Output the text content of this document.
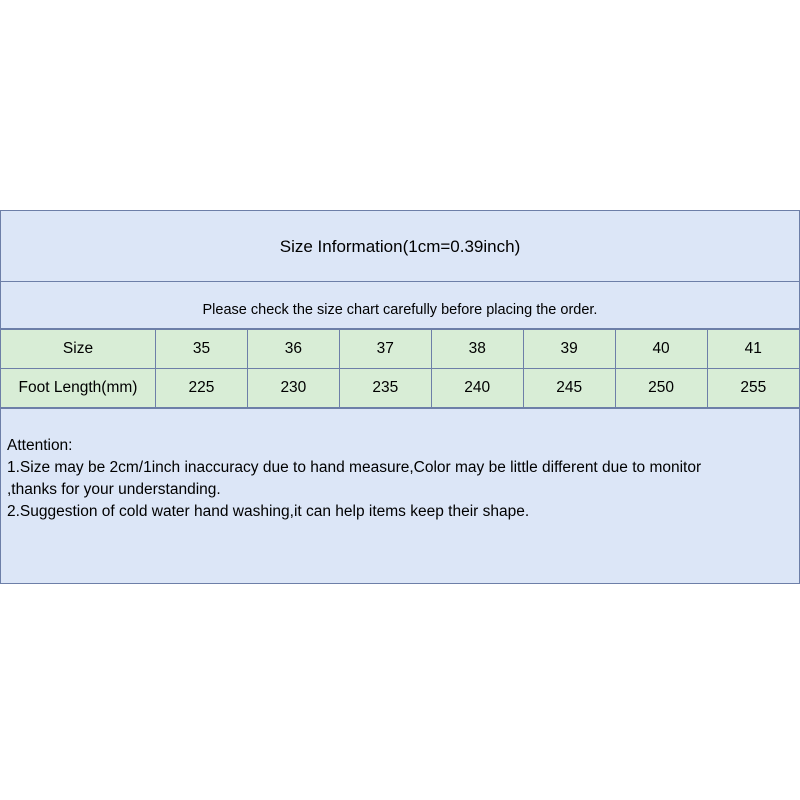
Size Information(1cm=0.39inch)
Please check the size chart carefully before placing the order.
Size	35	36	37	38	39	40	41
Foot Length(mm)	225	230	235	240	245	250	255

Attention:

1.Size may be 2cm/1inch inaccuracy due to hand measure,Color may be little different due to monitor

,thanks for your understanding.

2.Suggestion of cold water hand washing,it can help items keep their shape.
